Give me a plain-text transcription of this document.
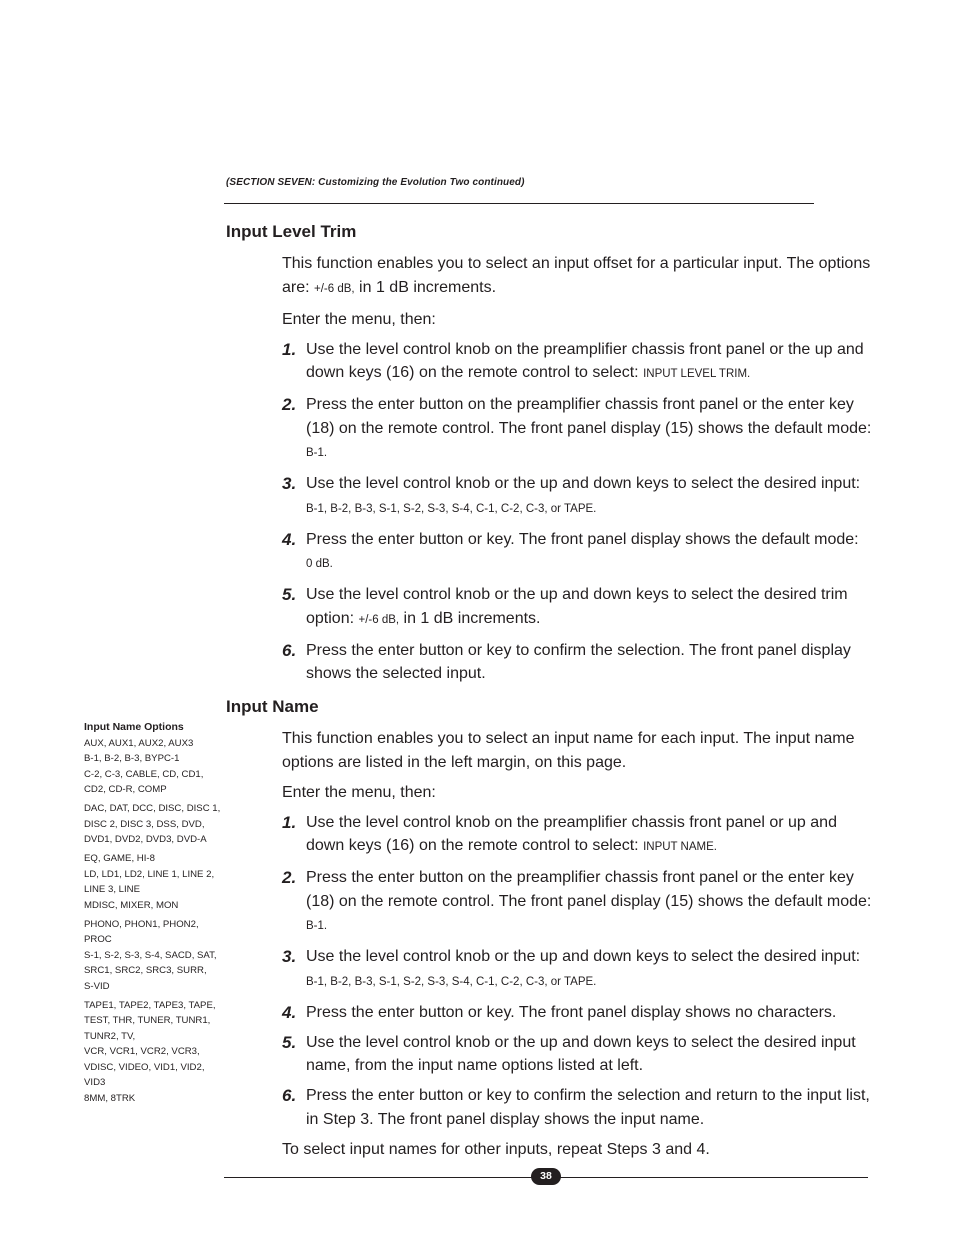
(SECTION SEVEN: Customizing the Evolution Two continued)
Input Level Trim

This function enables you to select an input offset for a particular input. The options are: +/-6 dB, in 1 dB increments.

Enter the menu, then:

1. Use the level control knob on the preamplifier chassis front panel or the up and down keys (16) on the remote control to select: INPUT LEVEL TRIM.
2. Press the enter button on the preamplifier chassis front panel or the enter key (18) on the remote control. The front panel display (15) shows the default mode: B-1.
3. Use the level control knob or the up and down keys to select the desired input:
B-1, B-2, B-3, S-1, S-2, S-3, S-4, C-1, C-2, C-3, or TAPE.
4. Press the enter button or key. The front panel display shows the default mode:
0 dB.
5. Use the level control knob or the up and down keys to select the desired trim option: +/-6 dB, in 1 dB increments.
6. Press the enter button or key to confirm the selection. The front panel display shows the selected input.
Input Name

This function enables you to select an input name for each input. The input name options are listed in the left margin, on this page.

Enter the menu, then:

1. Use the level control knob on the preamplifier chassis front panel or up and down keys (16) on the remote control to select: INPUT NAME.
2. Press the enter button on the preamplifier chassis front panel or the enter key (18) on the remote control. The front panel display (15) shows the default mode: B-1.
3. Use the level control knob or the up and down keys to select the desired input:
B-1, B-2, B-3, S-1, S-2, S-3, S-4, C-1, C-2, C-3, or TAPE.
4. Press the enter button or key. The front panel display shows no characters.
5. Use the level control knob or the up and down keys to select the desired input name, from the input name options listed at left.
6. Press the enter button or key to confirm the selection and return to the input list, in Step 3. The front panel display shows the input name.

To select input names for other inputs, repeat Steps 3 and 4.

Input Name Options
AUX, AUX1, AUX2, AUX3
B-1, B-2, B-3, BYPC-1
C-2, C-3, CABLE, CD, CD1,
CD2, CD-R, COMP
DAC, DAT, DCC, DISC, DISC 1,
DISC 2, DISC 3, DSS, DVD,
DVD1, DVD2, DVD3, DVD-A
EQ, GAME, HI-8
LD, LD1, LD2, LINE 1, LINE 2,
LINE 3, LINE
MDISC, MIXER, MON
PHONO, PHON1, PHON2,
PROC
S-1, S-2, S-3, S-4, SACD, SAT,
SRC1, SRC2, SRC3, SURR,
S-VID
TAPE1, TAPE2, TAPE3, TAPE,
TEST, THR, TUNER, TUNR1,
TUNR2, TV,
VCR, VCR1, VCR2, VCR3,
VDISC, VIDEO, VID1, VID2,
VID3
8MM, 8TRK
38
